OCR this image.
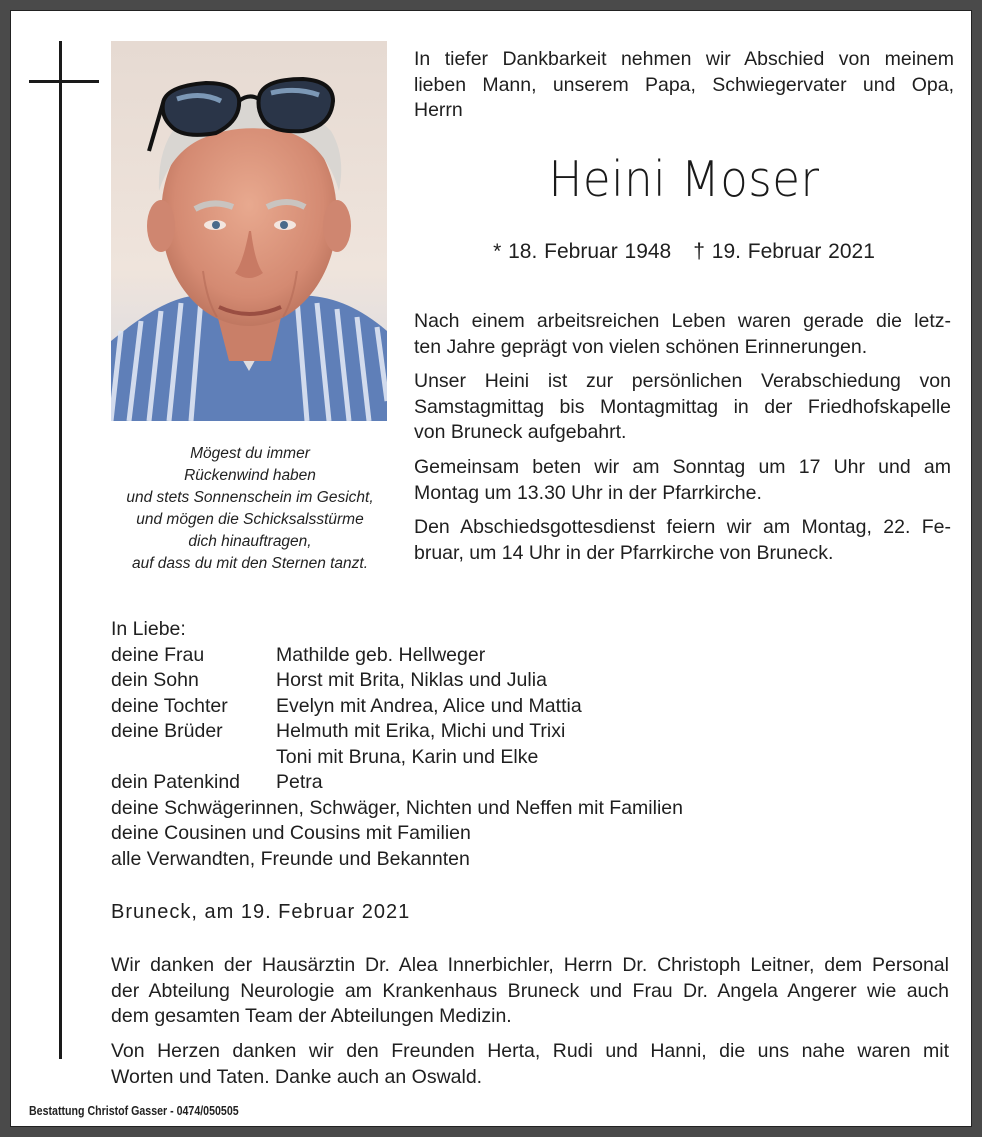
Mögest du immer
Rückenwind haben
und stets Sonnenschein im Gesicht,
und mögen die Schicksalsstürme
dich hinauftragen,
auf dass du mit den Sternen tanzt.
In tiefer Dankbarkeit nehmen wir Abschied von meinem
lieben Mann, unserem Papa, Schwiegervater und Opa,
Herrn
Heini Moser
* 18. Februar 1948 † 19. Februar 2021
Nach einem arbeitsreichen Leben waren gerade die letz-
ten Jahre geprägt von vielen schönen Erinnerungen.
Unser Heini ist zur persönlichen Verabschiedung von
Samstagmittag bis Montagmittag in der Friedhofskapelle
von Bruneck aufgebahrt.
Gemeinsam beten wir am Sonntag um 17 Uhr und am
Montag um 13.30 Uhr in der Pfarrkirche.
Den Abschiedsgottesdienst feiern wir am Montag, 22. Fe-
bruar, um 14 Uhr in der Pfarrkirche von Bruneck.
In Liebe:
deine Frau	Mathilde geb. Hellweger
dein Sohn	Horst mit Brita, Niklas und Julia
deine Tochter	Evelyn mit Andrea, Alice und Mattia
deine Brüder	Helmuth mit Erika, Michi und Trixi
Toni mit Bruna, Karin und Elke
dein Patenkind	Petra
deine Schwägerinnen, Schwäger, Nichten und Neffen mit Familien
deine Cousinen und Cousins mit Familien
alle Verwandten, Freunde und Bekannten
Bruneck, am 19. Februar 2021
Wir danken der Hausärztin Dr. Alea Innerbichler, Herrn Dr. Christoph Leitner, dem Personal
der Abteilung Neurologie am Krankenhaus Bruneck und Frau Dr. Angela Angerer wie auch
dem gesamten Team der Abteilungen Medizin.
Von Herzen danken wir den Freunden Herta, Rudi und Hanni, die uns nahe waren mit
Worten und Taten. Danke auch an Oswald.
Bestattung Christof Gasser - 0474/050505
